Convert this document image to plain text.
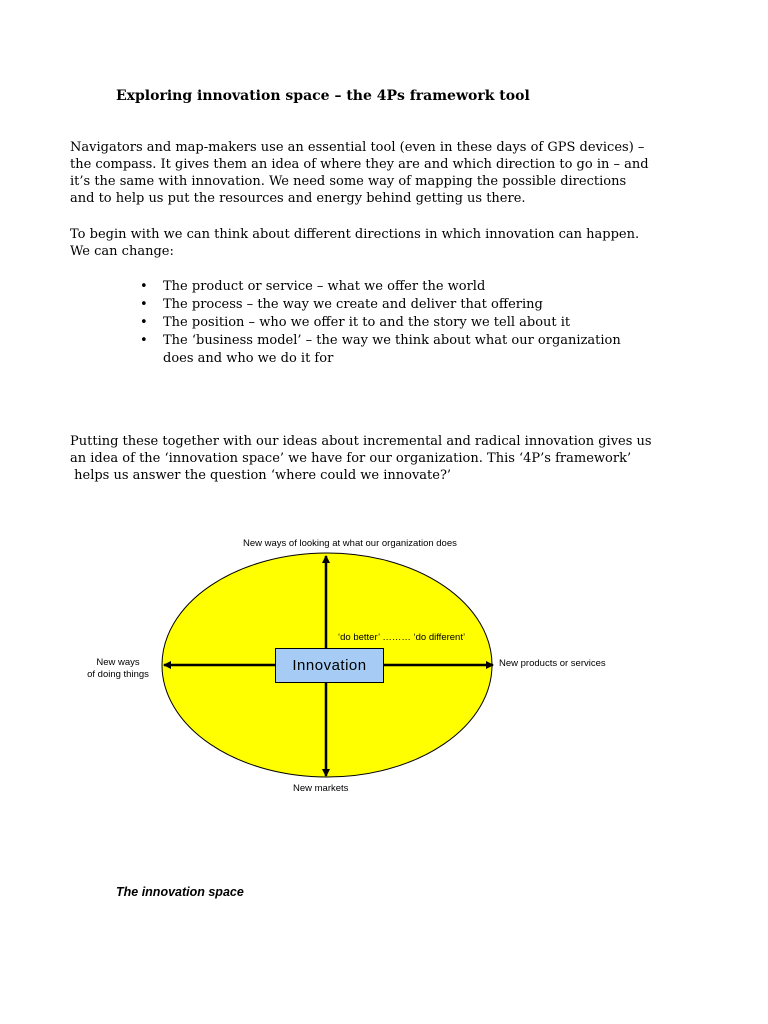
Exploring innovation space – the 4Ps framework tool
Navigators and map-makers use an essential tool (even in these days of GPS devices) –
the compass. It gives them an idea of where they are and which direction to go in – and
it’s the same with innovation. We need some way of mapping the possible directions
and to help us put the resources and energy behind getting us there.
To begin with we can think about different directions in which innovation can happen.
We can change:
• The product or service – what we offer the world
• The process – the way we create and deliver that offering
• The position – who we offer it to and the story we tell about it
• The ‘business model’ – the way we think about what our organization
does and who we do it for
Putting these together with our ideas about incremental and radical innovation gives us
an idea of the ‘innovation space’ we have for our organization. This ‘4P’s framework’
helps us answer the question ‘where could we innovate?’
Innovation
New ways of looking at what our organization does
New ways
of doing things
New products or services
New markets
‘do better’ ……… ‘do different’
The innovation space
